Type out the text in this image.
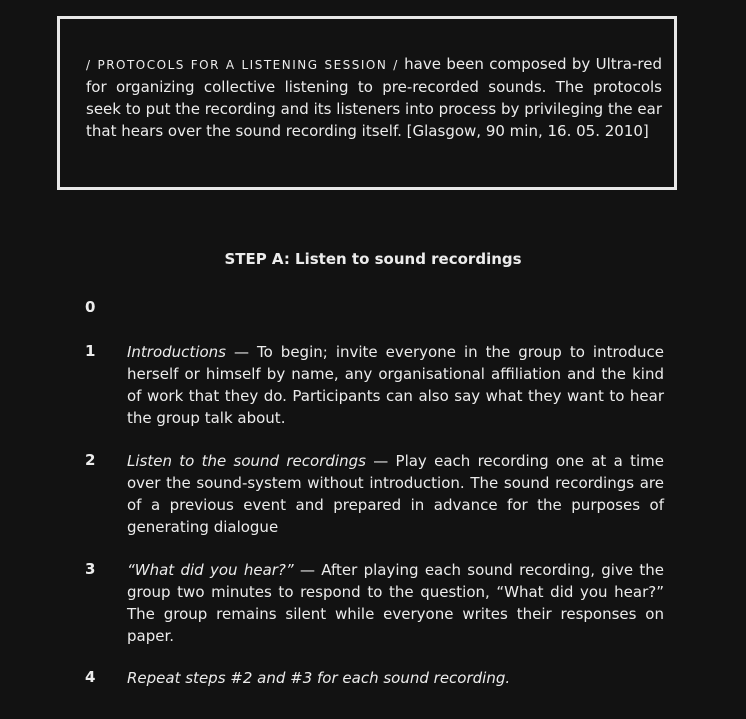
/ PROTOCOLS FOR A LISTENING SESSION / have been composed by Ultra-red for organizing collective listening to pre-recorded sounds. The protocols seek to put the recording and its listeners into process by privileging the ear that hears over the sound recording itself. [Glasgow, 90 min, 16. 05. 2010]
STEP A: Listen to sound recordings
0
1 Introductions — To begin; invite everyone in the group to introduce herself or himself by name, any organisational affiliation and the kind of work that they do. Participants can also say what they want to hear the group talk about.
2 Listen to the sound recordings — Play each recording one at a time over the sound-system without introduction. The sound recordings are of a previous event and prepared in advance for the purposes of generating dialogue
3 “What did you hear?” — After playing each sound recording, give the group two minutes to respond to the question, “What did you hear?” The group remains silent while everyone writes their responses on paper.
4 Repeat steps #2 and #3 for each sound recording.
